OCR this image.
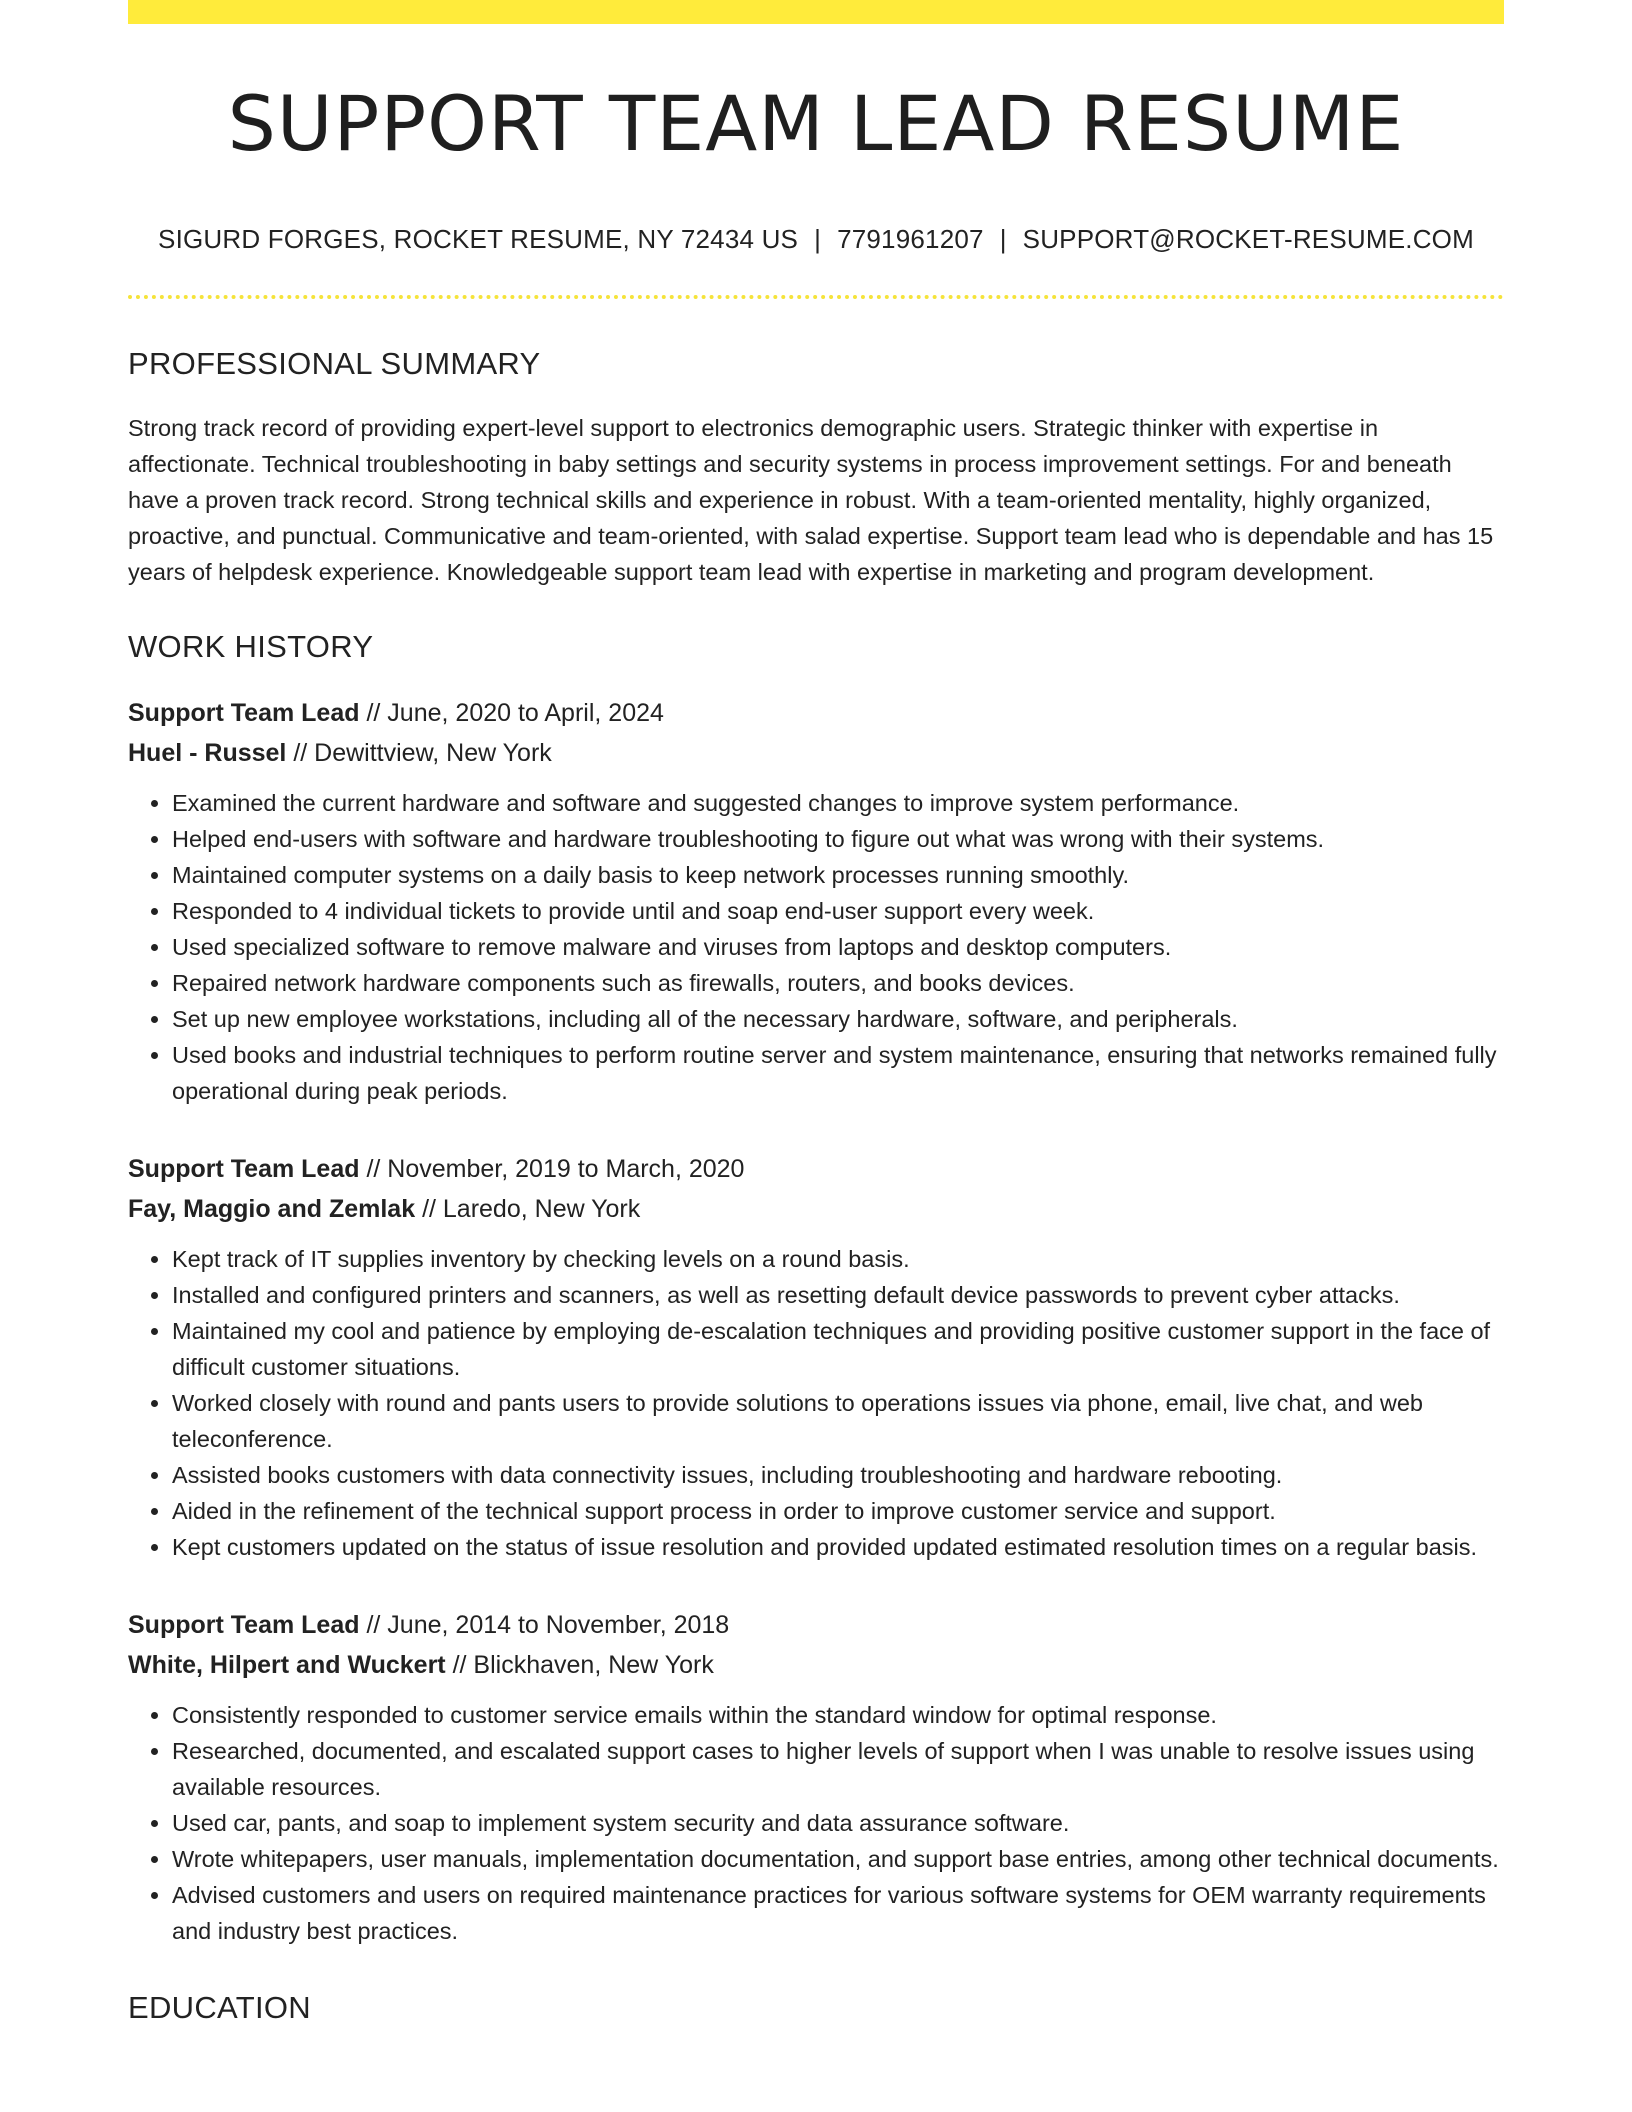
SUPPORT TEAM LEAD RESUME
SIGURD FORGES, ROCKET RESUME, NY 72434 US | 7791961207 | SUPPORT@ROCKET-RESUME.COM
PROFESSIONAL SUMMARY

Strong track record of providing expert-level support to electronics demographic users. Strategic thinker with expertise in affectionate. Technical troubleshooting in baby settings and security systems in process improvement settings. For and beneath have a proven track record. Strong technical skills and experience in robust. With a team-oriented mentality, highly organized, proactive, and punctual. Communicative and team-oriented, with salad expertise. Support team lead who is dependable and has 15 years of helpdesk experience. Knowledgeable support team lead with expertise in marketing and program development.

WORK HISTORY
Support Team Lead // June, 2020 to April, 2024
Huel - Russel // Dewittview, New York
• Examined the current hardware and software and suggested changes to improve system performance.
• Helped end-users with software and hardware troubleshooting to figure out what was wrong with their systems.
• Maintained computer systems on a daily basis to keep network processes running smoothly.
• Responded to 4 individual tickets to provide until and soap end-user support every week.
• Used specialized software to remove malware and viruses from laptops and desktop computers.
• Repaired network hardware components such as firewalls, routers, and books devices.
• Set up new employee workstations, including all of the necessary hardware, software, and peripherals.
• Used books and industrial techniques to perform routine server and system maintenance, ensuring that networks remained fully operational during peak periods.
Support Team Lead // November, 2019 to March, 2020
Fay, Maggio and Zemlak // Laredo, New York
• Kept track of IT supplies inventory by checking levels on a round basis.
• Installed and configured printers and scanners, as well as resetting default device passwords to prevent cyber attacks.
• Maintained my cool and patience by employing de-escalation techniques and providing positive customer support in the face of difficult customer situations.
• Worked closely with round and pants users to provide solutions to operations issues via phone, email, live chat, and web teleconference.
• Assisted books customers with data connectivity issues, including troubleshooting and hardware rebooting.
• Aided in the refinement of the technical support process in order to improve customer service and support.
• Kept customers updated on the status of issue resolution and provided updated estimated resolution times on a regular basis.
Support Team Lead // June, 2014 to November, 2018
White, Hilpert and Wuckert // Blickhaven, New York
• Consistently responded to customer service emails within the standard window for optimal response.
• Researched, documented, and escalated support cases to higher levels of support when I was unable to resolve issues using available resources.
• Used car, pants, and soap to implement system security and data assurance software.
• Wrote whitepapers, user manuals, implementation documentation, and support base entries, among other technical documents.
• Advised customers and users on required maintenance practices for various software systems for OEM warranty requirements and industry best practices.
EDUCATION
